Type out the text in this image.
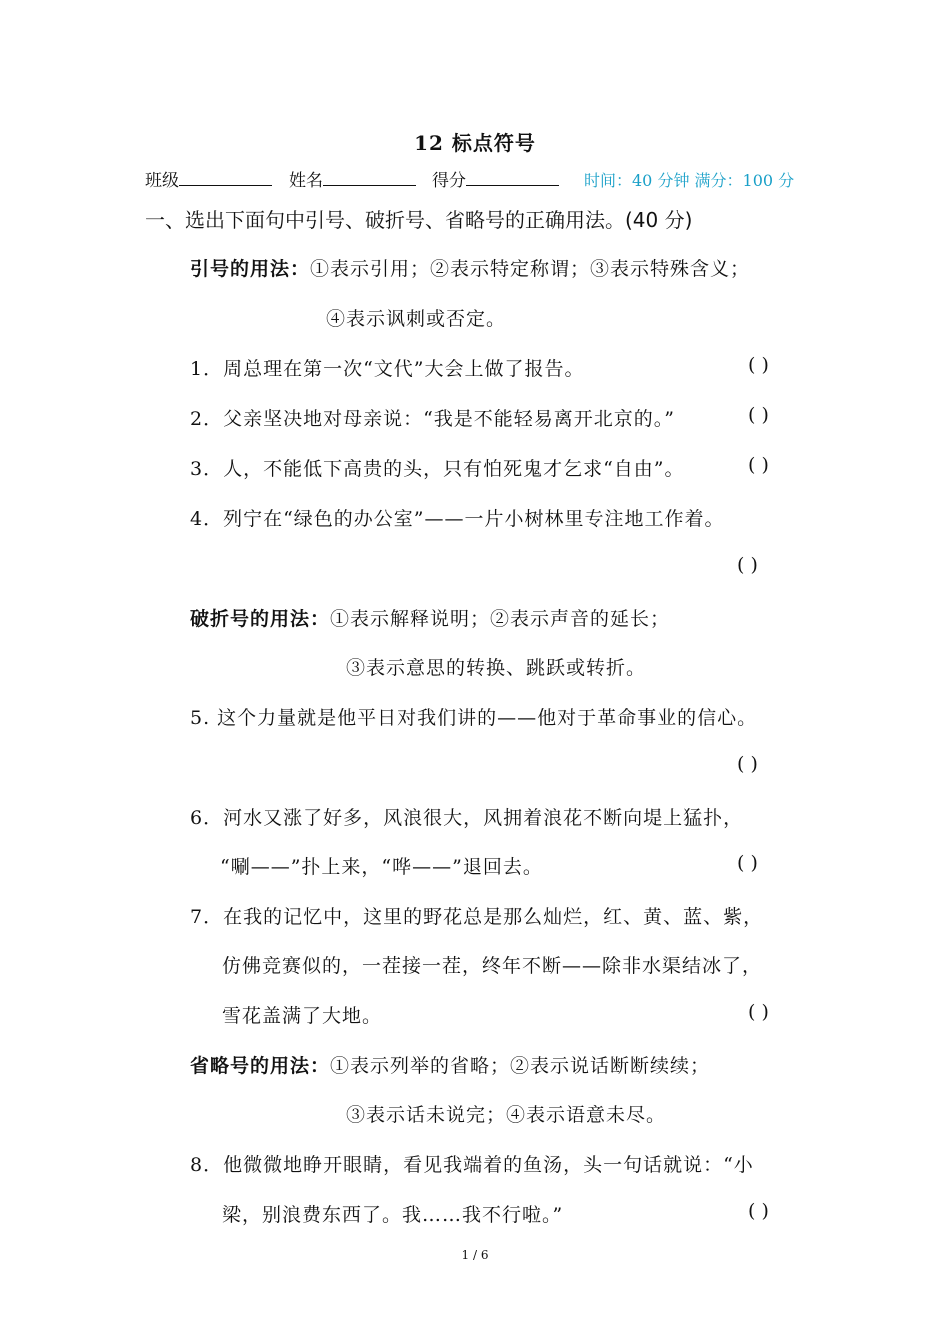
12 标点符号
班级	姓名	得分	时间：40 分钟 满分：100 分
一、选出下面句中引号、破折号、省略号的正确用法。(40 分)
引号的用法：①表示引用；②表示特定称谓；③表示特殊含义；
④表示讽刺或否定。
1．周总理在第一次“文代”大会上做了报告。	( )
2．父亲坚决地对母亲说：“我是不能轻易离开北京的。”	( )
3．人，不能低下高贵的头，只有怕死鬼才乞求“自由”。	( )
4．列宁在“绿色的办公室”——一片小树林里专注地工作着。
( )
破折号的用法：①表示解释说明；②表示声音的延长；
③表示意思的转换、跳跃或转折。
5. 这个力量就是他平日对我们讲的——他对于革命事业的信心。
( )
6．河水又涨了好多，风浪很大，风拥着浪花不断向堤上猛扑，
“唰——”扑上来，“哗——”退回去。	( )
7．在我的记忆中，这里的野花总是那么灿烂，红、黄、蓝、紫，
仿佛竞赛似的，一茬接一茬，终年不断——除非水渠结冰了，
雪花盖满了大地。	( )
省略号的用法：①表示列举的省略；②表示说话断断续续；
③表示话未说完；④表示语意未尽。
8．他微微地睁开眼睛，看见我端着的鱼汤，头一句话就说：“小
梁，别浪费东西了。我……我不行啦。”	( )
1 / 6
